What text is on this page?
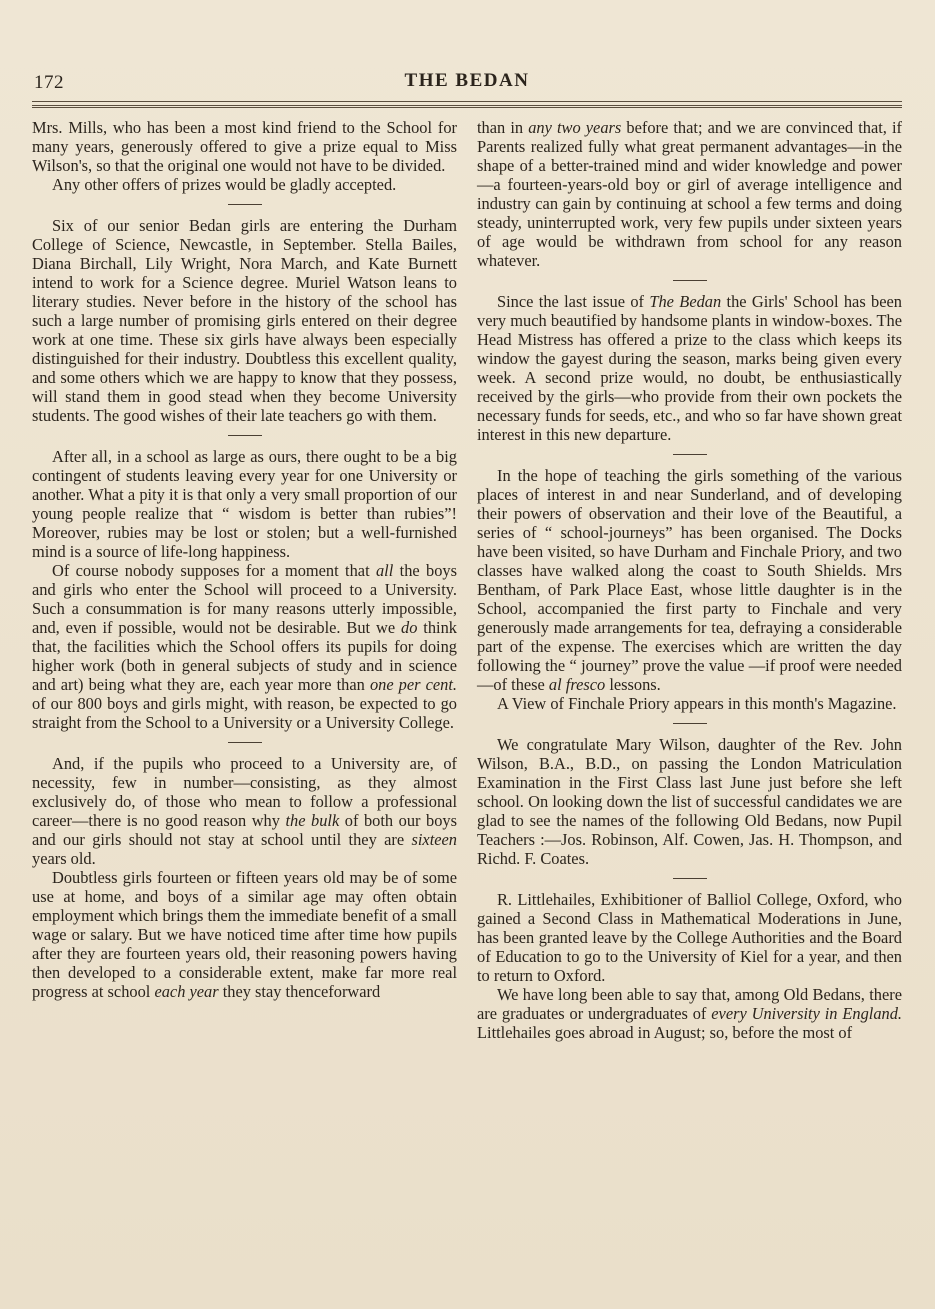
172	THE BEDAN

Mrs. Mills, who has been a most kind friend to the School for many years, generously offered to give a prize equal to Miss Wilson's, so that the original one would not have to be divided.

Any other offers of prizes would be gladly accepted.

Six of our senior Bedan girls are entering the Durham College of Science, Newcastle, in September. Stella Bailes, Diana Birchall, Lily Wright, Nora March, and Kate Burnett intend to work for a Science degree. Muriel Watson leans to literary studies. Never before in the history of the school has such a large number of promising girls entered on their degree work at one time. These six girls have always been especially distinguished for their industry. Doubtless this excellent quality, and some others which we are happy to know that they possess, will stand them in good stead when they become University students. The good wishes of their late teachers go with them.

After all, in a school as large as ours, there ought to be a big contingent of students leaving every year for one University or another. What a pity it is that only a very small proportion of our young people realize that “ wisdom is better than rubies”! Moreover, rubies may be lost or stolen; but a well-furnished mind is a source of life-long happiness.

Of course nobody supposes for a moment that all the boys and girls who enter the School will proceed to a University. Such a consummation is for many reasons utterly impossible, and, even if possible, would not be desirable. But we do think that, the facilities which the School offers its pupils for doing higher work (both in general subjects of study and in science and art) being what they are, each year more than one per cent. of our 800 boys and girls might, with reason, be expected to go straight from the School to a University or a University College.

And, if the pupils who proceed to a University are, of necessity, few in number—consisting, as they almost exclusively do, of those who mean to follow a professional career—there is no good reason why the bulk of both our boys and our girls should not stay at school until they are sixteen years old.

Doubtless girls fourteen or fifteen years old may be of some use at home, and boys of a similar age may often obtain employment which brings them the immediate benefit of a small wage or salary. But we have noticed time after time how pupils after they are fourteen years old, their reasoning powers having then developed to a considerable extent, make far more real progress at school each year they stay thenceforward

than in any two years before that; and we are convinced that, if Parents realized fully what great permanent advantages—in the shape of a better-trained mind and wider knowledge and power—a fourteen-years-old boy or girl of average intelligence and industry can gain by continuing at school a few terms and doing steady, uninterrupted work, very few pupils under sixteen years of age would be withdrawn from school for any reason whatever.

Since the last issue of The Bedan the Girls' School has been very much beautified by handsome plants in window-boxes. The Head Mistress has offered a prize to the class which keeps its window the gayest during the season, marks being given every week. A second prize would, no doubt, be enthusiastically received by the girls—who provide from their own pockets the necessary funds for seeds, etc., and who so far have shown great interest in this new departure.

In the hope of teaching the girls something of the various places of interest in and near Sunderland, and of developing their powers of observation and their love of the Beautiful, a series of “ school-journeys” has been organised. The Docks have been visited, so have Durham and Finchale Priory, and two classes have walked along the coast to South Shields. Mrs Bentham, of Park Place East, whose little daughter is in the School, accompanied the first party to Finchale and very generously made arrangements for tea, defraying a considerable part of the expense. The exercises which are written the day following the “ journey” prove the value —if proof were needed—of these al fresco lessons.

A View of Finchale Priory appears in this month's Magazine.

We congratulate Mary Wilson, daughter of the Rev. John Wilson, B.A., B.D., on passing the London Matriculation Examination in the First Class last June just before she left school. On looking down the list of successful candidates we are glad to see the names of the following Old Bedans, now Pupil Teachers :—Jos. Robinson, Alf. Cowen, Jas. H. Thompson, and Richd. F. Coates.

R. Littlehailes, Exhibitioner of Balliol College, Oxford, who gained a Second Class in Mathematical Moderations in June, has been granted leave by the College Authorities and the Board of Education to go to the University of Kiel for a year, and then to return to Oxford.

We have long been able to say that, among Old Bedans, there are graduates or undergraduates of every University in England. Littlehailes goes abroad in August; so, before the most of
